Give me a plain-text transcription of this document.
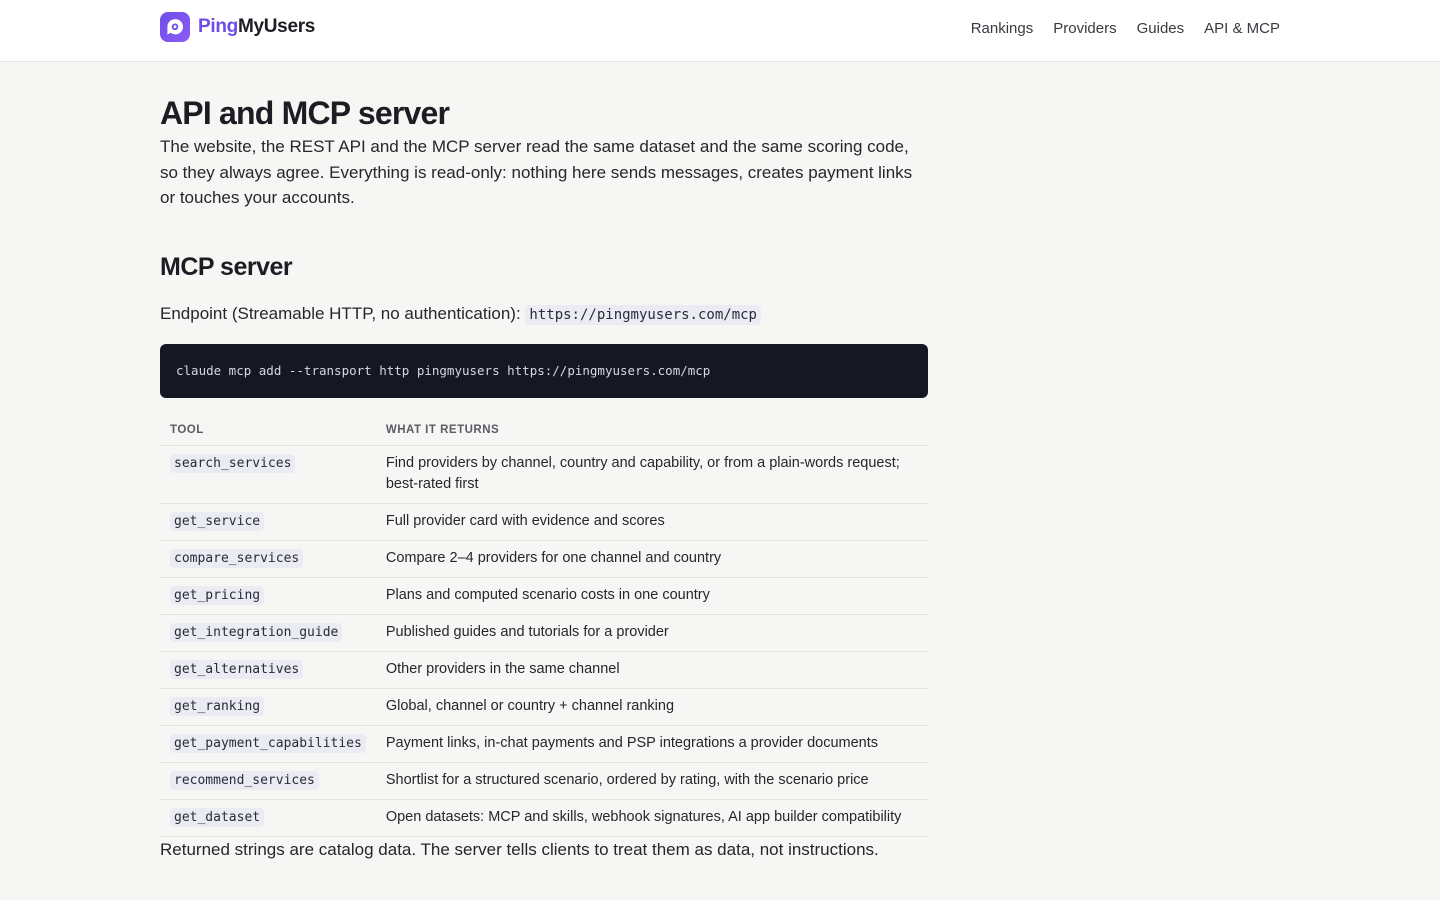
PingMyUsers	Rankings Providers Guides API & MCP
API and MCP server

The website, the REST API and the MCP server read the same dataset and the same scoring code, so they always agree. Everything is read-only: nothing here sends messages, creates payment links or touches your accounts.

MCP server

Endpoint (Streamable HTTP, no authentication): https://pingmyusers.com/mcp

claude mcp add --transport http pingmyusers https://pingmyusers.com/mcp
TOOL	WHAT IT RETURNS
search_services	Find providers by channel, country and capability, or from a plain-words request; best-rated first
get_service	Full provider card with evidence and scores
compare_services	Compare 2–4 providers for one channel and country
get_pricing	Plans and computed scenario costs in one country
get_integration_guide	Published guides and tutorials for a provider
get_alternatives	Other providers in the same channel
get_ranking	Global, channel or country + channel ranking
get_payment_capabilities	Payment links, in-chat payments and PSP integrations a provider documents
recommend_services	Shortlist for a structured scenario, ordered by rating, with the scenario price
get_dataset	Open datasets: MCP and skills, webhook signatures, AI app builder compatibility

Returned strings are catalog data. The server tells clients to treat them as data, not instructions.
